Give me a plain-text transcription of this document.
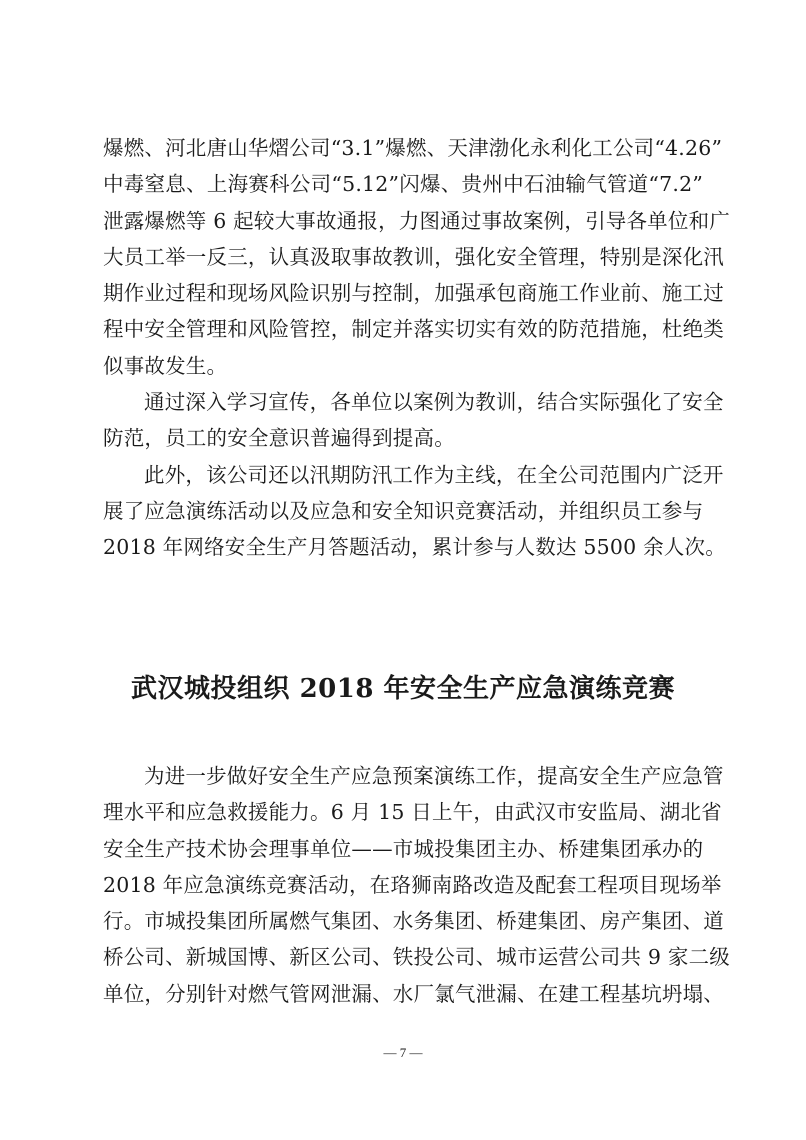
爆燃、河北唐山华熠公司“3.1”爆燃、天津渤化永利化工公司“4.26”
中毒窒息、上海赛科公司“5.12”闪爆、贵州中石油输气管道“7.2”
泄露爆燃等 6 起较大事故通报，力图通过事故案例，引导各单位和广
大员工举一反三，认真汲取事故教训，强化安全管理，特别是深化汛
期作业过程和现场风险识别与控制，加强承包商施工作业前、施工过
程中安全管理和风险管控，制定并落实切实有效的防范措施，杜绝类
似事故发生。
通过深入学习宣传，各单位以案例为教训，结合实际强化了安全
防范，员工的安全意识普遍得到提高。
此外，该公司还以汛期防汛工作为主线，在全公司范围内广泛开
展了应急演练活动以及应急和安全知识竞赛活动，并组织员工参与
2018 年网络安全生产月答题活动，累计参与人数达 5500 余人次。
武汉城投组织 2018 年安全生产应急演练竞赛
为进一步做好安全生产应急预案演练工作，提高安全生产应急管
理水平和应急救援能力。6 月 15 日上午，由武汉市安监局、湖北省
安全生产技术协会理事单位——市城投集团主办、桥建集团承办的
2018 年应急演练竞赛活动，在珞狮南路改造及配套工程项目现场举
行。市城投集团所属燃气集团、水务集团、桥建集团、房产集团、道
桥公司、新城国博、新区公司、铁投公司、城市运营公司共 9 家二级
单位，分别针对燃气管网泄漏、水厂氯气泄漏、在建工程基坑坍塌、
— 7 —
